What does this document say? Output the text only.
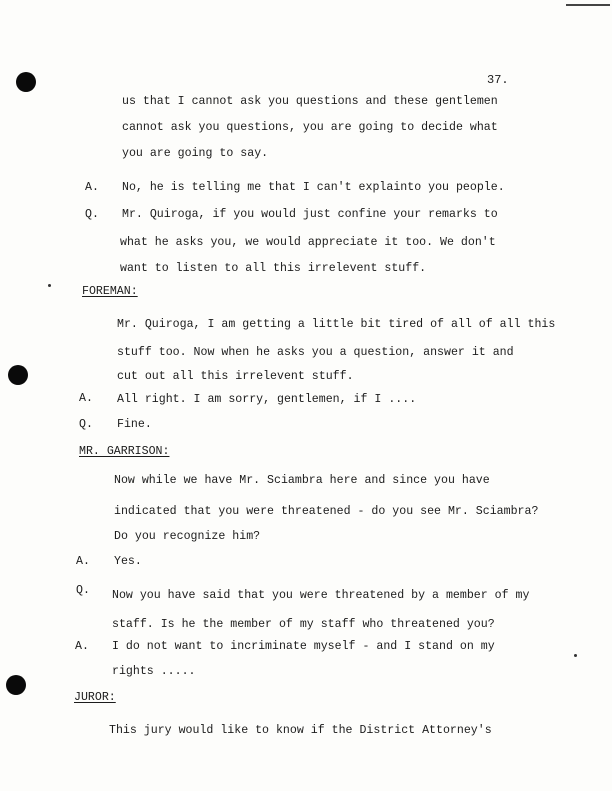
37.
us that I cannot ask you questions and these gentlemen
cannot ask you questions, you are going to decide what
you are going to say.
A. No, he is telling me that I can't explainto you people.
Q. Mr. Quiroga, if you would just confine your remarks to
what he asks you, we would appreciate it too. We don't
want to listen to all this irrelevent stuff.
FOREMAN:
Mr. Quiroga, I am getting a little bit tired of all of all this
stuff too. Now when he asks you a question, answer it and
cut out all this irrelevent stuff.
A. All right. I am sorry, gentlemen, if I ....
Q. Fine.
MR. GARRISON:
Now while we have Mr. Sciambra here and since you have
indicated that you were threatened - do you see Mr. Sciambra?
Do you recognize him?
A. Yes.
Q. Now you have said that you were threatened by a member of my
staff. Is he the member of my staff who threatened you?
A. I do not want to incriminate myself - and I stand on my
rights .....
JUROR:
This jury would like to know if the District Attorney's
